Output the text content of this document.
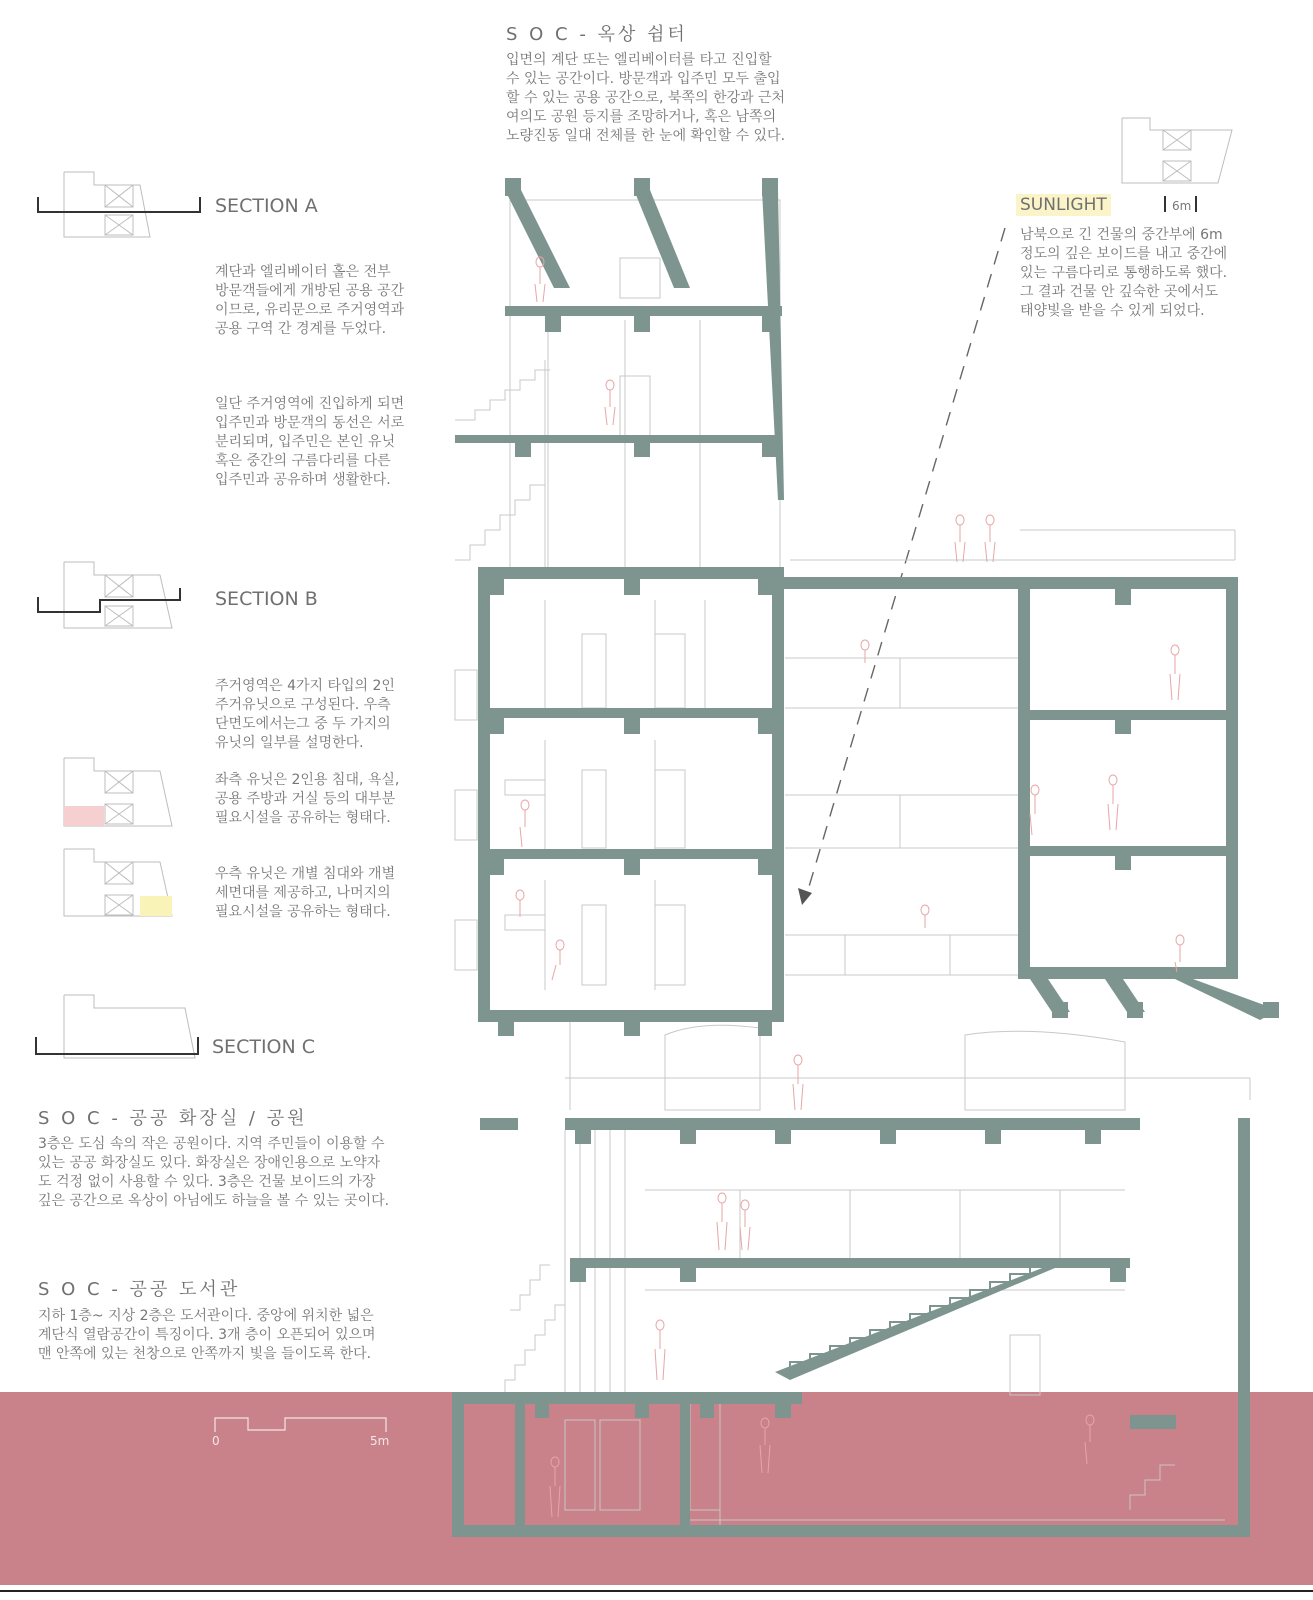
S O C - 옥상 쉼터
입면의 계단 또는 엘리베이터를 타고 진입할
수 있는 공간이다. 방문객과 입주민 모두 출입
할 수 있는 공용 공간으로, 북쪽의 한강과 근처
여의도 공원 등지를 조망하거나, 혹은 남쪽의
노량진동 일대 전체를 한 눈에 확인할 수 있다.
SECTION A
계단과 엘리베이터 홀은 전부
방문객들에게 개방된 공용 공간
이므로, 유리문으로 주거영역과
공용 구역 간 경계를 두었다.
일단 주거영역에 진입하게 되면
입주민과 방문객의 동선은 서로
분리되며, 입주민은 본인 유닛
혹은 중간의 구름다리를 다른
입주민과 공유하며 생활한다.
SUNLIGHT	6m
남북으로 긴 건물의 중간부에 6m
정도의 깊은 보이드를 내고 중간에
있는 구름다리로 통행하도록 했다.
그 결과 건물 안 깊숙한 곳에서도
태양빛을 받을 수 있게 되었다.
SECTION B
주거영역은 4가지 타입의 2인
주거유닛으로 구성된다. 우측
단면도에서는그 중 두 가지의
유닛의 일부를 설명한다.
좌측 유닛은 2인용 침대, 욕실,
공용 주방과 거실 등의 대부분
필요시설을 공유하는 형태다.
우측 유닛은 개별 침대와 개별
세면대를 제공하고, 나머지의
필요시설을 공유하는 형태다.
SECTION C
S O C - 공공 화장실 / 공원
3층은 도심 속의 작은 공원이다. 지역 주민들이 이용할 수
있는 공공 화장실도 있다. 화장실은 장애인용으로 노약자
도 걱정 없이 사용할 수 있다. 3층은 건물 보이드의 가장
깊은 공간으로 옥상이 아님에도 하늘을 볼 수 있는 곳이다.
S O C - 공공 도서관
지하 1층~ 지상 2층은 도서관이다. 중앙에 위치한 넓은
계단식 열람공간이 특징이다. 3개 층이 오픈되어 있으며
맨 안쪽에 있는 천창으로 안쪽까지 빛을 들이도록 한다.
0	5m
